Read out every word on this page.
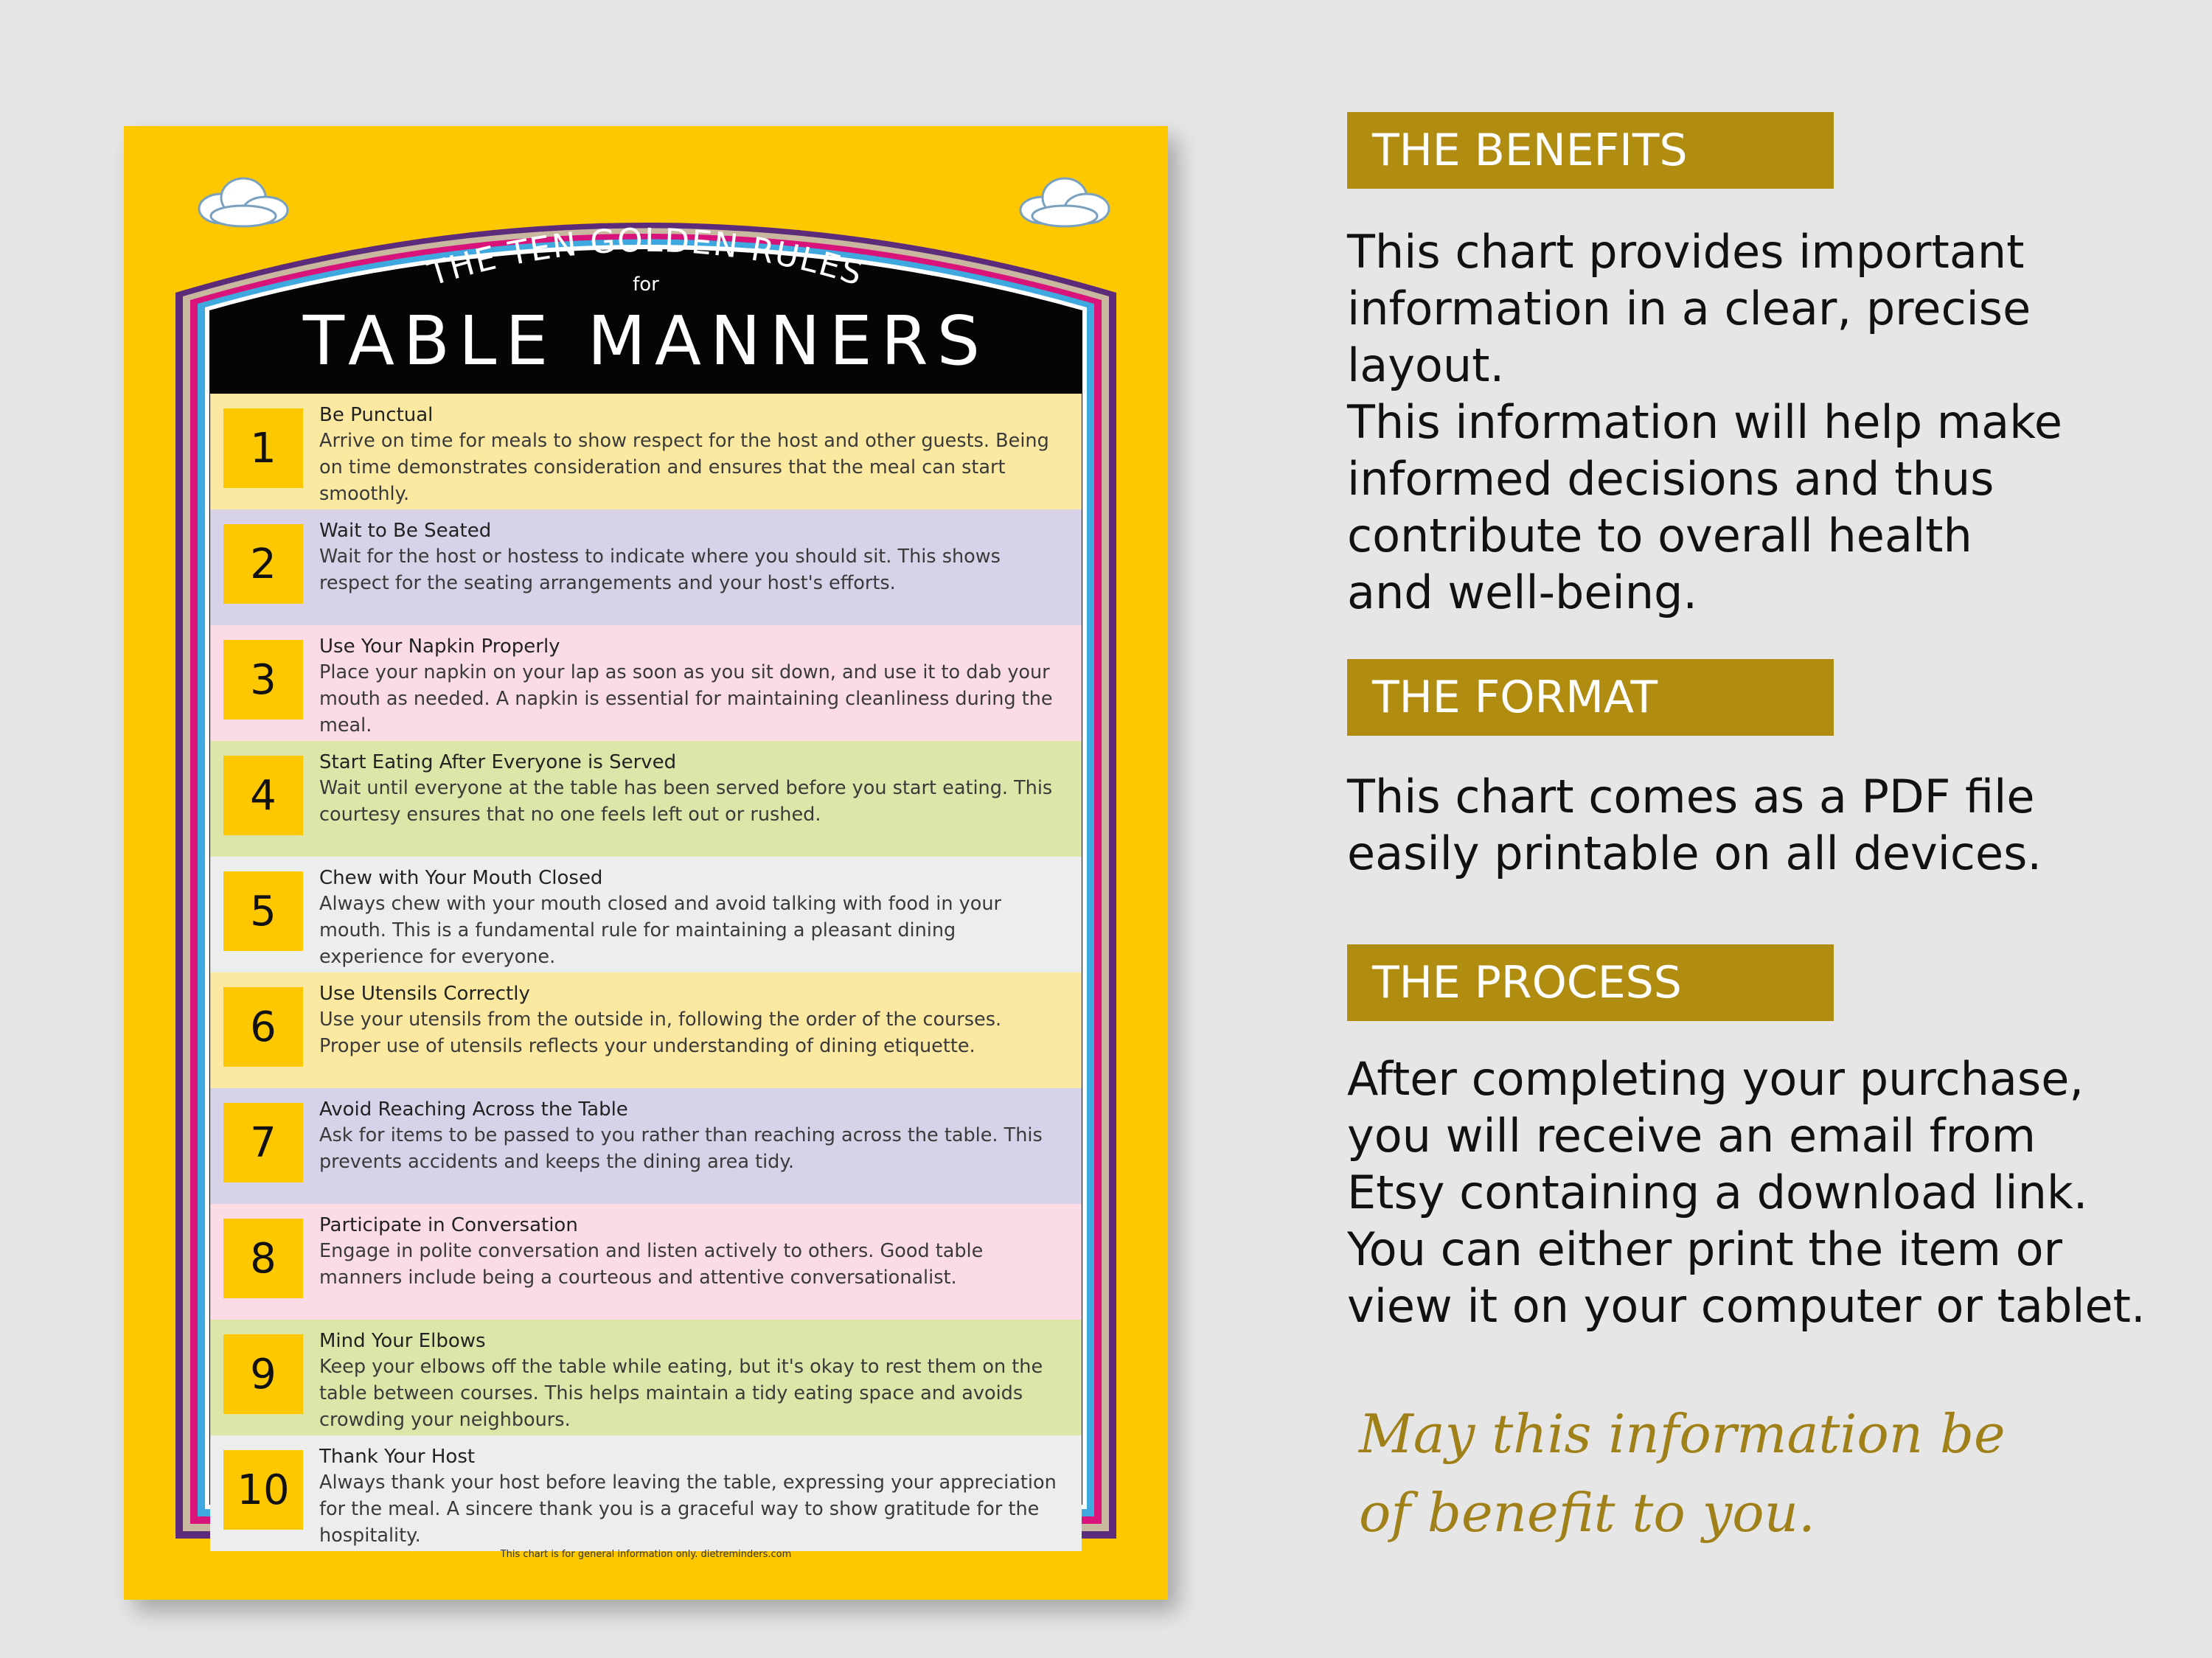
THE TEN GOLDEN RULES
for
TABLE MANNERS
1
Be Punctual
Arrive on time for meals to show respect for the host and other guests. Being on time demonstrates consideration and ensures that the meal can start smoothly.
2
Wait to Be Seated
Wait for the host or hostess to indicate where you should sit. This shows respect for the seating arrangements and your host's efforts.
3
Use Your Napkin Properly
Place your napkin on your lap as soon as you sit down, and use it to dab your mouth as needed. A napkin is essential for maintaining cleanliness during the meal.
4
Start Eating After Everyone is Served
Wait until everyone at the table has been served before you start eating. This courtesy ensures that no one feels left out or rushed.
5
Chew with Your Mouth Closed
Always chew with your mouth closed and avoid talking with food in your mouth. This is a fundamental rule for maintaining a pleasant dining experience for everyone.
6
Use Utensils Correctly
Use your utensils from the outside in, following the order of the courses. Proper use of utensils reflects your understanding of dining etiquette.
7
Avoid Reaching Across the Table
Ask for items to be passed to you rather than reaching across the table. This prevents accidents and keeps the dining area tidy.
8
Participate in Conversation
Engage in polite conversation and listen actively to others. Good table manners include being a courteous and attentive conversationalist.
9
Mind Your Elbows
Keep your elbows off the table while eating, but it's okay to rest them on the table between courses. This helps maintain a tidy eating space and avoids crowding your neighbours.
10
Thank Your Host
Always thank your host before leaving the table, expressing your appreciation for the meal. A sincere thank you is a graceful way to show gratitude for the hospitality.
This chart is for general information only. dietreminders.com
THE BENEFITS
This chart provides important
information in a clear, precise
layout.
This information will help make
informed decisions and thus
contribute to overall health
and well-being.
THE FORMAT
This chart comes as a PDF file
easily printable on all devices.
THE PROCESS
After completing your purchase,
you will receive an email from
Etsy containing a download link.
You can either print the item or
view it on your computer or tablet.
May this information be
of benefit to you.
